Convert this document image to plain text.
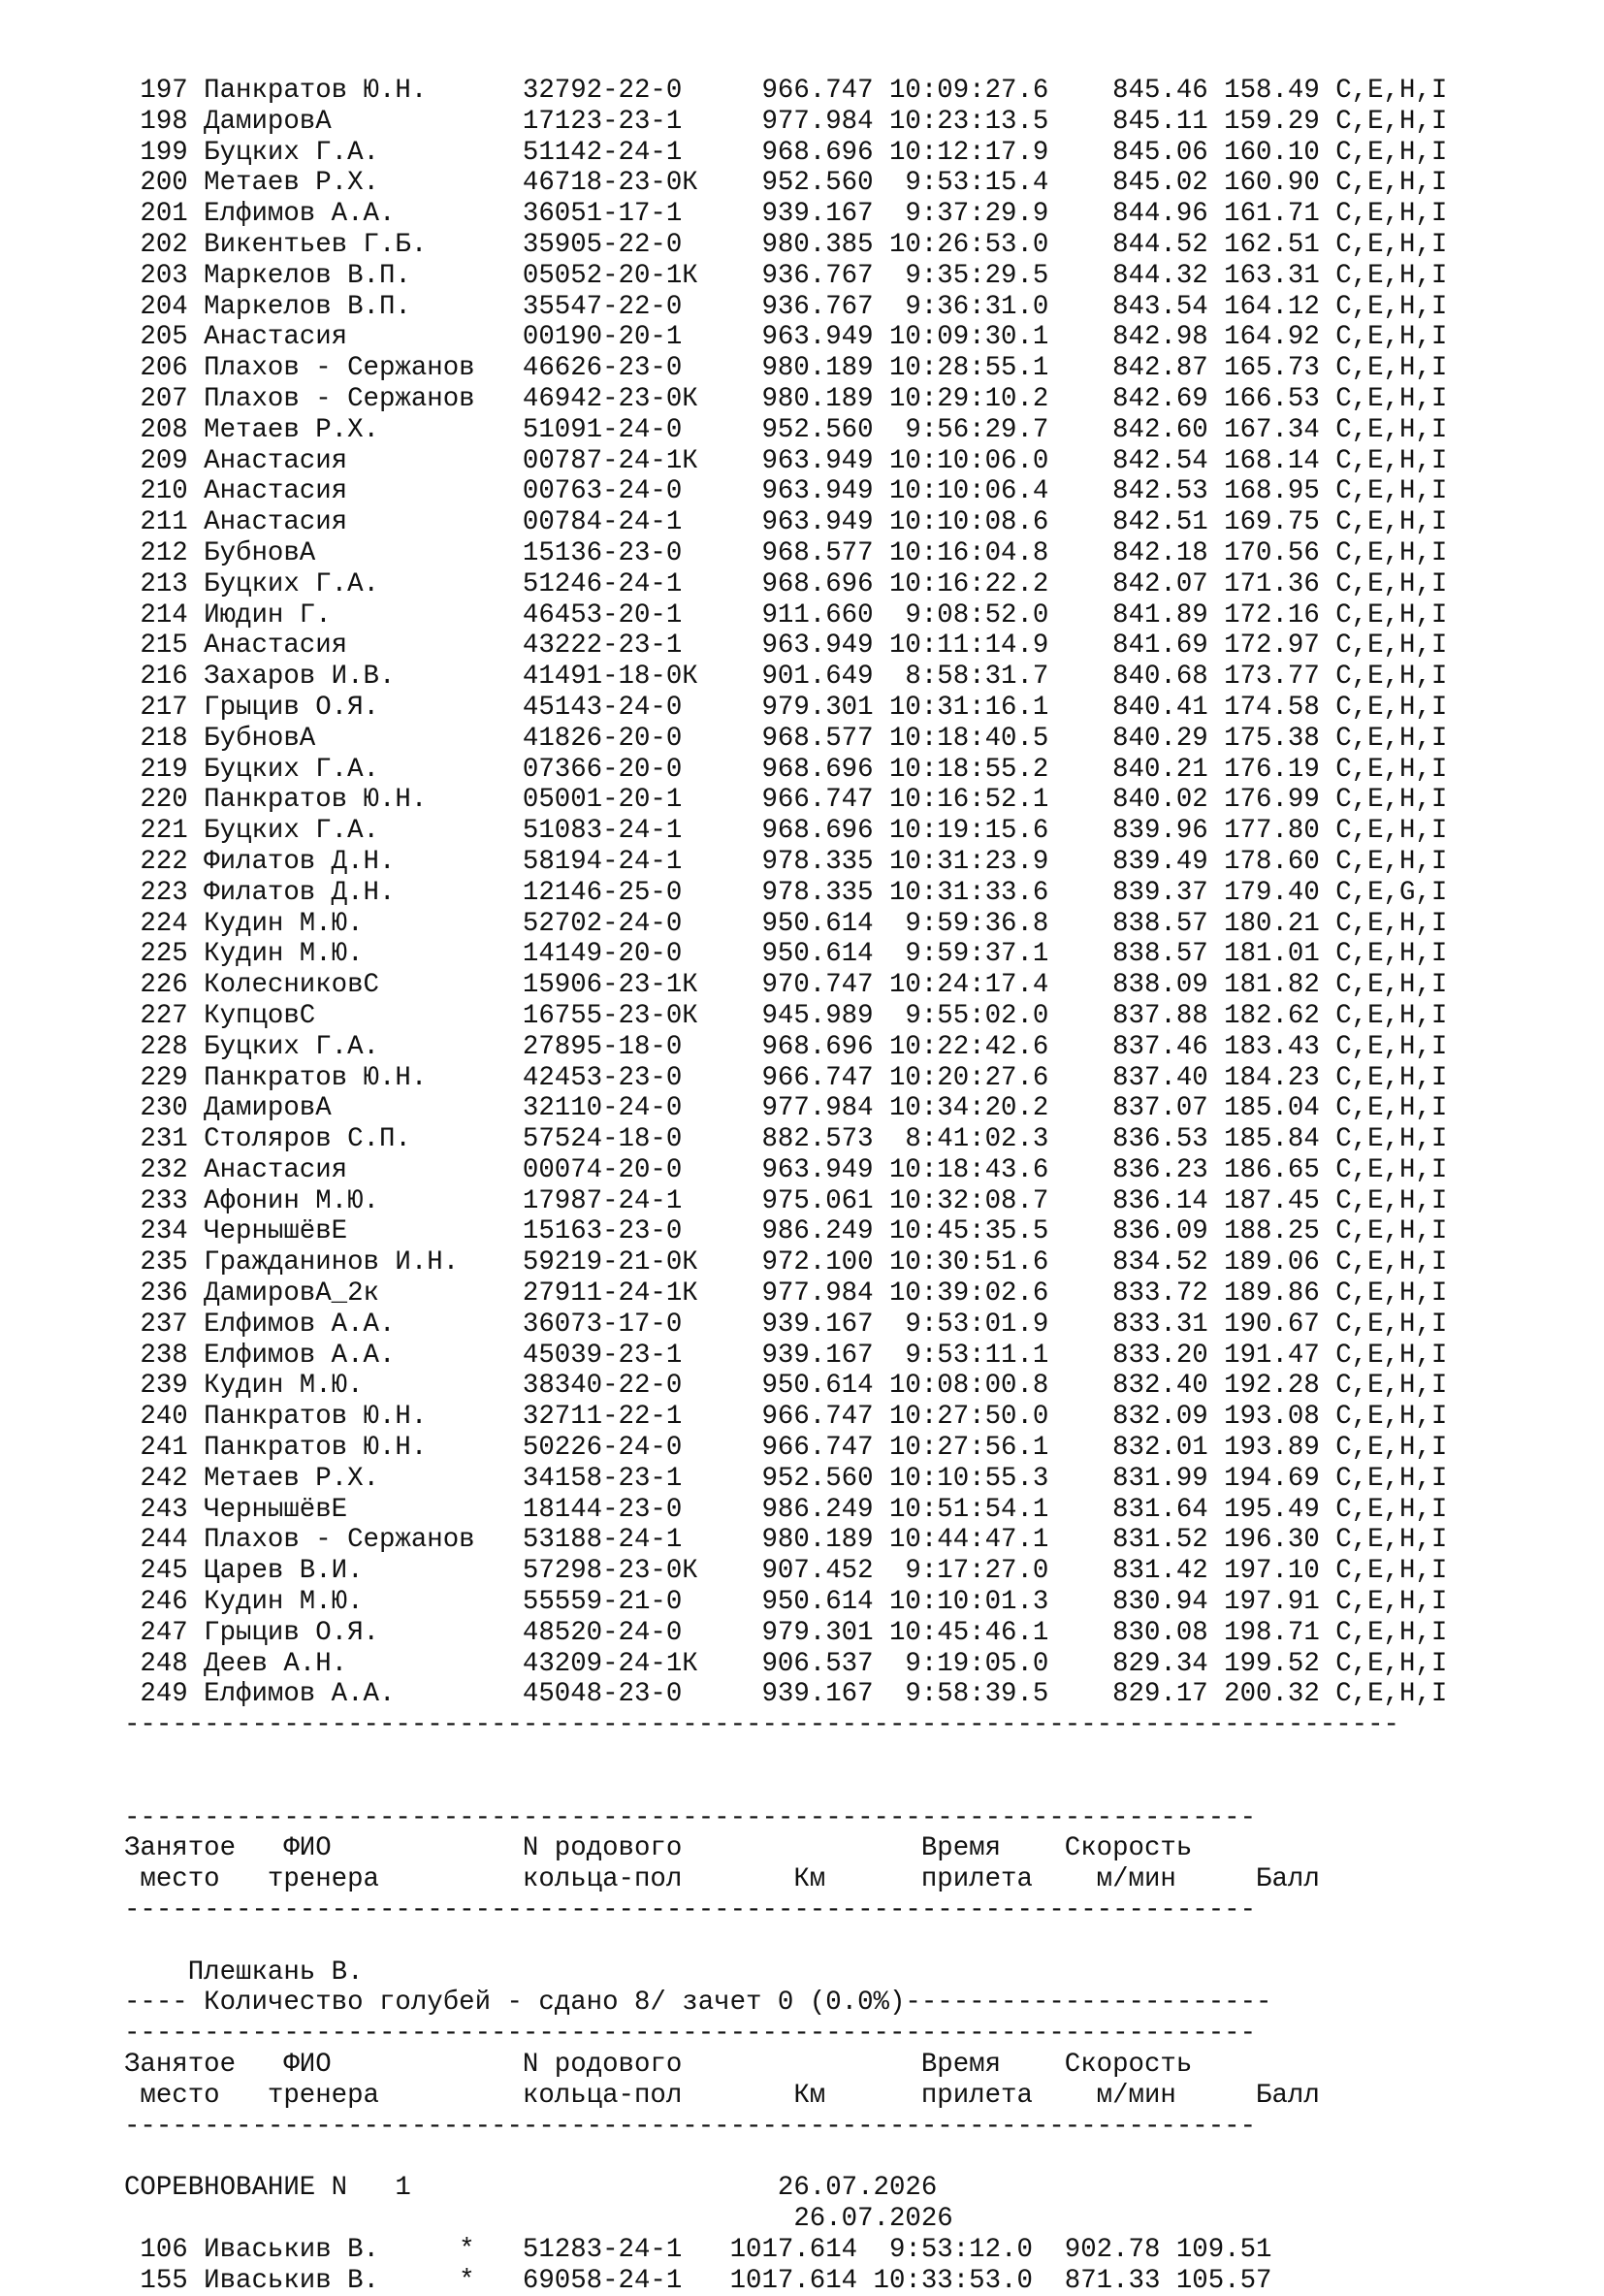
197 Панкратов Ю.Н.      32792-22-0     966.747 10:09:27.6    845.46 158.49 C,E,H,I
198 ДамировА            17123-23-1     977.984 10:23:13.5    845.11 159.29 C,E,H,I
199 Буцких Г.А.         51142-24-1     968.696 10:12:17.9    845.06 160.10 C,E,H,I
200 Метаев Р.Х.         46718-23-0К    952.560  9:53:15.4    845.02 160.90 C,E,H,I
201 Елфимов А.А.        36051-17-1     939.167  9:37:29.9    844.96 161.71 C,E,H,I
202 Викентьев Г.Б.      35905-22-0     980.385 10:26:53.0    844.52 162.51 C,E,H,I
203 Маркелов В.П.       05052-20-1К    936.767  9:35:29.5    844.32 163.31 C,E,H,I
204 Маркелов В.П.       35547-22-0     936.767  9:36:31.0    843.54 164.12 C,E,H,I
205 Анастасия           00190-20-1     963.949 10:09:30.1    842.98 164.92 C,E,H,I
206 Плахов - Сержанов   46626-23-0     980.189 10:28:55.1    842.87 165.73 C,E,H,I
207 Плахов - Сержанов   46942-23-0К    980.189 10:29:10.2    842.69 166.53 C,E,H,I
208 Метаев Р.Х.         51091-24-0     952.560  9:56:29.7    842.60 167.34 C,E,H,I
209 Анастасия           00787-24-1К    963.949 10:10:06.0    842.54 168.14 C,E,H,I
210 Анастасия           00763-24-0     963.949 10:10:06.4    842.53 168.95 C,E,H,I
211 Анастасия           00784-24-1     963.949 10:10:08.6    842.51 169.75 C,E,H,I
212 БубновА             15136-23-0     968.577 10:16:04.8    842.18 170.56 C,E,H,I
213 Буцких Г.А.         51246-24-1     968.696 10:16:22.2    842.07 171.36 C,E,H,I
214 Июдин Г.            46453-20-1     911.660  9:08:52.0    841.89 172.16 C,E,H,I
215 Анастасия           43222-23-1     963.949 10:11:14.9    841.69 172.97 C,E,H,I
216 Захаров И.В.        41491-18-0К    901.649  8:58:31.7    840.68 173.77 C,E,H,I
217 Грыцив О.Я.         45143-24-0     979.301 10:31:16.1    840.41 174.58 C,E,H,I
218 БубновА             41826-20-0     968.577 10:18:40.5    840.29 175.38 C,E,H,I
219 Буцких Г.А.         07366-20-0     968.696 10:18:55.2    840.21 176.19 C,E,H,I
220 Панкратов Ю.Н.      05001-20-1     966.747 10:16:52.1    840.02 176.99 C,E,H,I
221 Буцких Г.А.         51083-24-1     968.696 10:19:15.6    839.96 177.80 C,E,H,I
222 Филатов Д.Н.        58194-24-1     978.335 10:31:23.9    839.49 178.60 C,E,H,I
223 Филатов Д.Н.        12146-25-0     978.335 10:31:33.6    839.37 179.40 C,E,G,I
224 Кудин М.Ю.          52702-24-0     950.614  9:59:36.8    838.57 180.21 C,E,H,I
225 Кудин М.Ю.          14149-20-0     950.614  9:59:37.1    838.57 181.01 C,E,H,I
226 КолесниковС         15906-23-1К    970.747 10:24:17.4    838.09 181.82 C,E,H,I
227 КупцовС             16755-23-0К    945.989  9:55:02.0    837.88 182.62 C,E,H,I
228 Буцких Г.А.         27895-18-0     968.696 10:22:42.6    837.46 183.43 C,E,H,I
229 Панкратов Ю.Н.      42453-23-0     966.747 10:20:27.6    837.40 184.23 C,E,H,I
230 ДамировА            32110-24-0     977.984 10:34:20.2    837.07 185.04 C,E,H,I
231 Столяров С.П.       57524-18-0     882.573  8:41:02.3    836.53 185.84 C,E,H,I
232 Анастасия           00074-20-0     963.949 10:18:43.6    836.23 186.65 C,E,H,I
233 Афонин М.Ю.         17987-24-1     975.061 10:32:08.7    836.14 187.45 C,E,H,I
234 ЧернышёвЕ           15163-23-0     986.249 10:45:35.5    836.09 188.25 C,E,H,I
235 Гражданинов И.Н.    59219-21-0К    972.100 10:30:51.6    834.52 189.06 C,E,H,I
236 ДамировА_2к         27911-24-1К    977.984 10:39:02.6    833.72 189.86 C,E,H,I
237 Елфимов А.А.        36073-17-0     939.167  9:53:01.9    833.31 190.67 C,E,H,I
238 Елфимов А.А.        45039-23-1     939.167  9:53:11.1    833.20 191.47 C,E,H,I
239 Кудин М.Ю.          38340-22-0     950.614 10:08:00.8    832.40 192.28 C,E,H,I
240 Панкратов Ю.Н.      32711-22-1     966.747 10:27:50.0    832.09 193.08 C,E,H,I
241 Панкратов Ю.Н.      50226-24-0     966.747 10:27:56.1    832.01 193.89 C,E,H,I
242 Метаев Р.Х.         34158-23-1     952.560 10:10:55.3    831.99 194.69 C,E,H,I
243 ЧернышёвЕ           18144-23-0     986.249 10:51:54.1    831.64 195.49 C,E,H,I
244 Плахов - Сержанов   53188-24-1     980.189 10:44:47.1    831.52 196.30 C,E,H,I
245 Царев В.И.          57298-23-0К    907.452  9:17:27.0    831.42 197.10 C,E,H,I
246 Кудин М.Ю.          55559-21-0     950.614 10:10:01.3    830.94 197.91 C,E,H,I
247 Грыцив О.Я.         48520-24-0     979.301 10:45:46.1    830.08 198.71 C,E,H,I
248 Деев А.Н.           43209-24-1К    906.537  9:19:05.0    829.34 199.52 C,E,H,I
249 Елфимов А.А.        45048-23-0     939.167  9:58:39.5    829.17 200.32 C,E,H,I
--------------------------------------------------------------------------------
-----------------------------------------------------------------------
Занятое   ФИО            N родового               Время    Скорость
место   тренера         кольца-пол       Км      прилета    м/мин     Балл
-----------------------------------------------------------------------
Плешкань В.
---- Количество голубей - сдано 8/ зачет 0 (0.0%)-----------------------
-----------------------------------------------------------------------
Занятое   ФИО            N родового               Время    Скорость
место   тренера         кольца-пол       Км      прилета    м/мин     Балл
-----------------------------------------------------------------------
СОРЕВНОВАНИЕ N   1                       26.07.2026
26.07.2026
106 Иваськив В.     *   51283-24-1   1017.614  9:53:12.0  902.78 109.51
155 Иваськив В.     *   69058-24-1   1017.614 10:33:53.0  871.33 105.57
